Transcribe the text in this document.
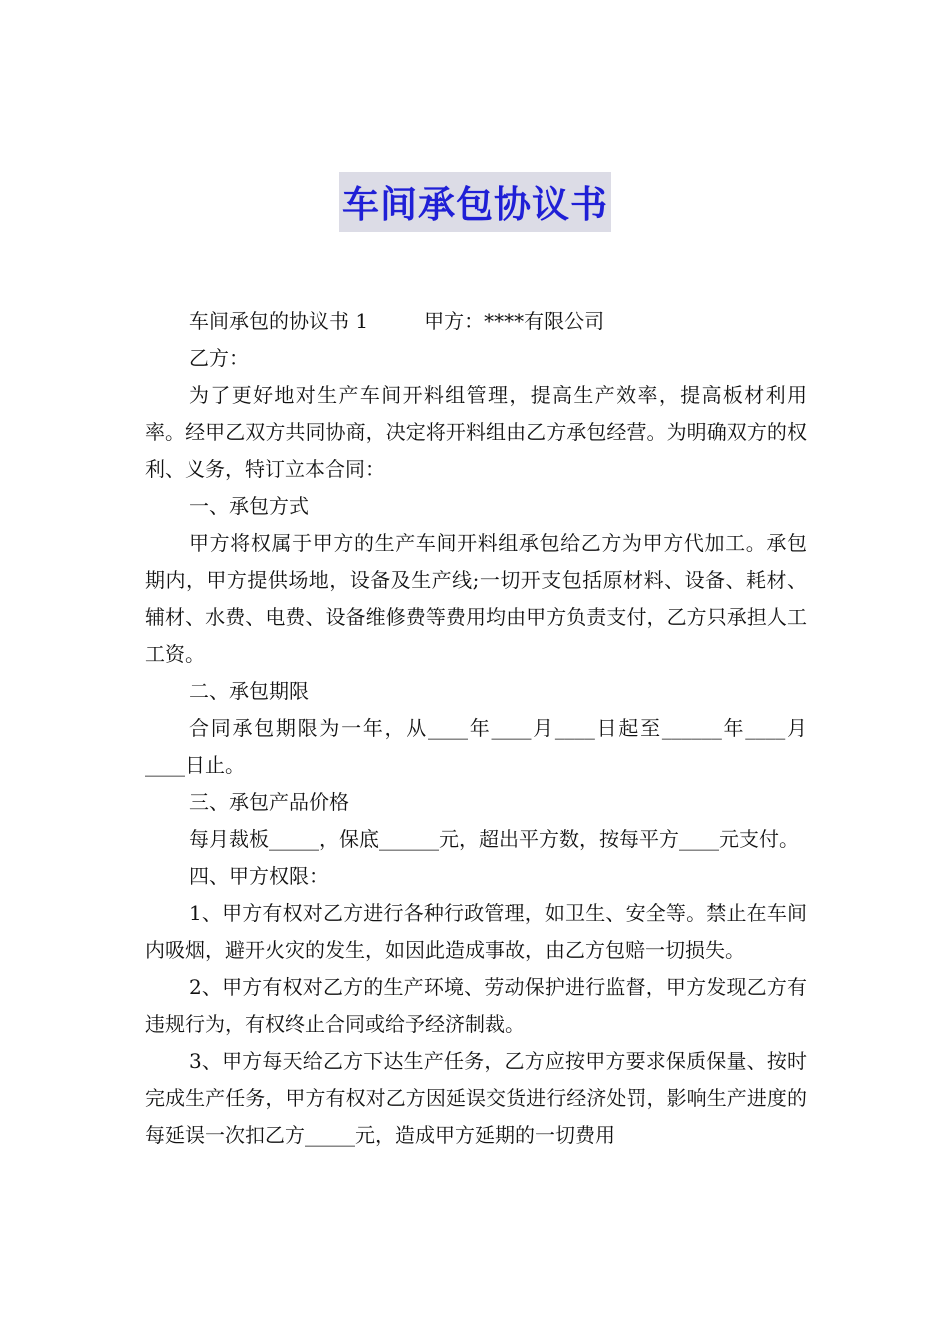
车间承包协议书

车间承包的协议书 1	甲方：****有限公司

乙方：

为了更好地对生产车间开料组管理，提高生产效率，提高板材利用率。经甲乙双方共同协商，决定将开料组由乙方承包经营。为明确双方的权利、义务，特订立本合同：

一、承包方式

甲方将权属于甲方的生产车间开料组承包给乙方为甲方代加工。承包期内，甲方提供场地，设备及生产线;一切开支包括原材料、设备、耗材、辅材、水费、电费、设备维修费等费用均由甲方负责支付，乙方只承担人工工资。

二、承包期限

合同承包期限为一年，从____年____月____日起至______年____月____日止。

三、承包产品价格

每月裁板_____，保底______元，超出平方数，按每平方____元支付。

四、甲方权限：

1、甲方有权对乙方进行各种行政管理，如卫生、安全等。禁止在车间内吸烟，避开火灾的发生，如因此造成事故，由乙方包赔一切损失。

2、甲方有权对乙方的生产环境、劳动保护进行监督，甲方发现乙方有违规行为，有权终止合同或给予经济制裁。

3、甲方每天给乙方下达生产任务，乙方应按甲方要求保质保量、按时完成生产任务，甲方有权对乙方因延误交货进行经济处罚，影响生产进度的每延误一次扣乙方_____元，造成甲方延期的一切费用
